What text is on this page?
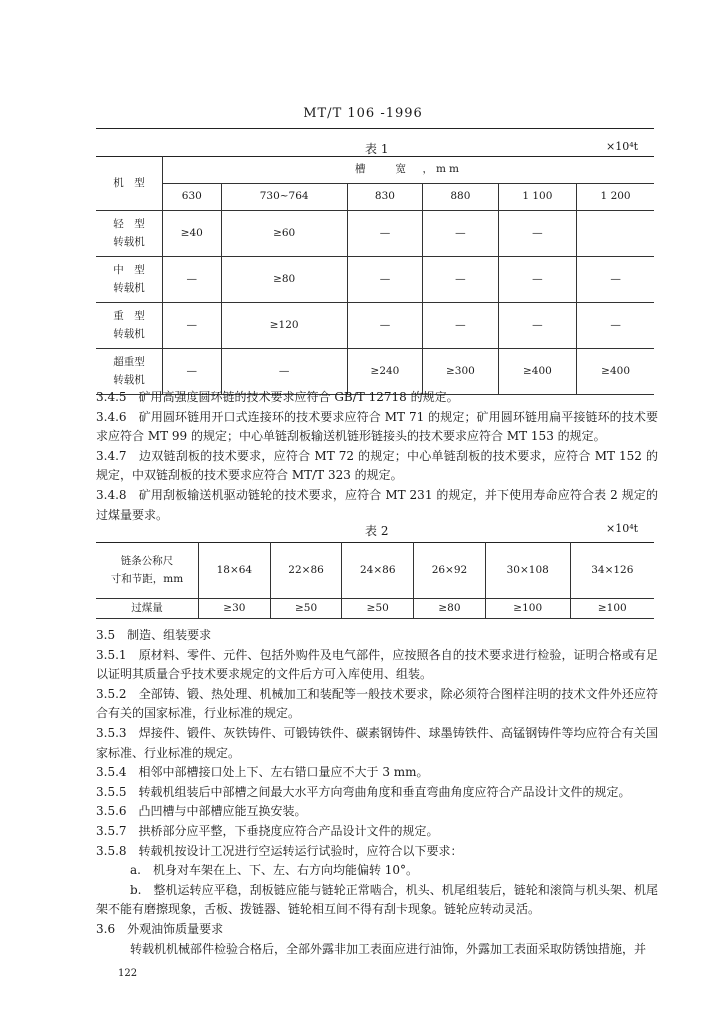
MT/T 106 -1996
表 1	×10⁴t
机　型	槽　　宽　，mm					
	630	730~764	830	880	1 100	1 200
轻　型
转载机	≥40	≥60	—	—	—	
中　型
转载机	—	≥80	—	—	—	—
重　型
转载机	—	≥120	—	—	—	—
超重型
转载机	—	—	≥240	≥300	≥400	≥400

3.4.5　矿用高强度圆环链的技术要求应符合 GB/T 12718 的规定。

3.4.6　矿用圆环链用开口式连接环的技术要求应符合 MT 71 的规定；矿用圆环链用扁平接链环的技术要求应符合 MT 99 的规定；中心单链刮板输送机链形链接头的技术要求应符合 MT 153 的规定。

3.4.7　边双链刮板的技术要求，应符合 MT 72 的规定；中心单链刮板的技术要求，应符合 MT 152 的规定，中双链刮板的技术要求应符合 MT/T 323 的规定。

3.4.8　矿用刮板输送机驱动链轮的技术要求，应符合 MT 231 的规定，并下使用寿命应符合表 2 规定的过煤量要求。

表 2	×10⁴t
链条公称尺
寸和节距，mm	18×64	22×86	24×86	26×92	30×108	34×126
过煤量	≥30	≥50	≥50	≥80	≥100	≥100

3.5　制造、组装要求

3.5.1　原材料、零件、元件、包括外购件及电气部件，应按照各自的技术要求进行检验，证明合格或有足以证明其质量合乎技术要求规定的文件后方可入库使用、组装。

3.5.2　全部铸、锻、热处理、机械加工和装配等一般技术要求，除必须符合图样注明的技术文件外还应符合有关的国家标准，行业标准的规定。

3.5.3　焊接件、锻件、灰铁铸件、可锻铸铁件、碳素钢铸件、球墨铸铁件、高锰钢铸件等均应符合有关国家标准、行业标准的规定。

3.5.4　相邻中部槽接口处上下、左右错口量应不大于 3 mm。

3.5.5　转载机组装后中部槽之间最大水平方向弯曲角度和垂直弯曲角度应符合产品设计文件的规定。

3.5.6　凸凹槽与中部槽应能互换安装。

3.5.7　拱桥部分应平整，下垂挠度应符合产品设计文件的规定。

3.5.8　转载机按设计工况进行空运转运行试验时，应符合以下要求：

a.　机身对车架在上、下、左、右方向均能偏转 10°。

b.　整机运转应平稳，刮板链应能与链轮正常啮合，机头、机尾组装后，链轮和滚筒与机头架、机尾架不能有磨擦现象，舌板、拨链器、链轮相互间不得有刮卡现象。链轮应转动灵活。

3.6　外观油饰质量要求

转载机机械部件检验合格后，全部外露非加工表面应进行油饰，外露加工表面采取防锈蚀措施，并

122
